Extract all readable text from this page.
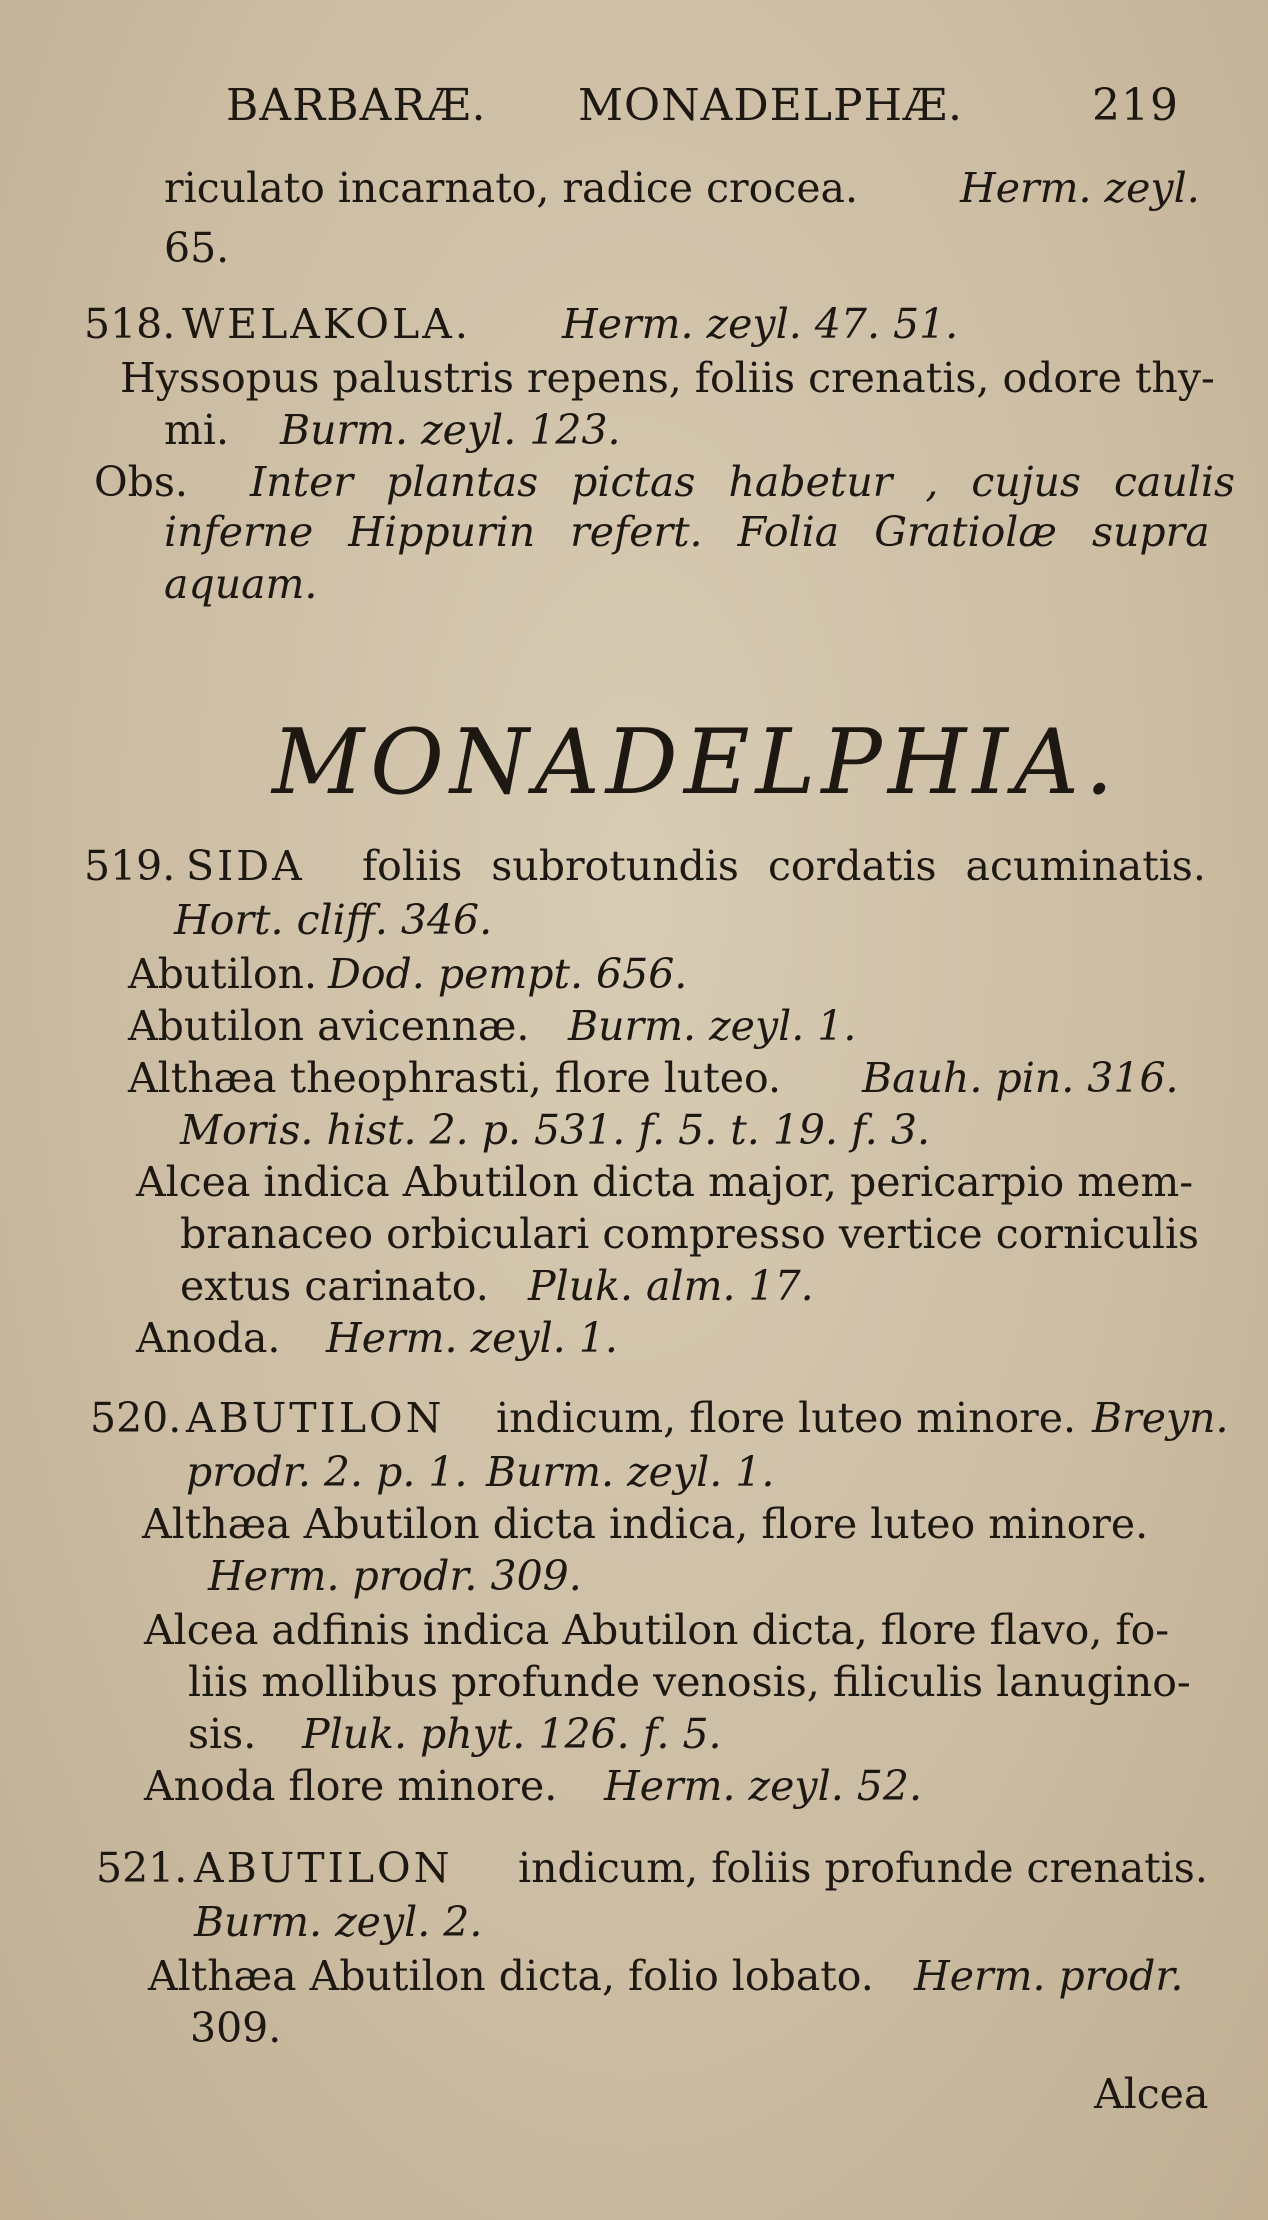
BARBARÆ. MONADELPHÆ.	219
riculato incarnato, radice crocea. Herm. zeyl.
65.
518. WELAKOLA. Herm. zeyl. 47. 51.
Hyssopus palustris repens, foliis crenatis, odore thy-
mi. Burm. zeyl. 123.
Obs. Inter plantas pictas habetur , cujus caulis
inferne Hippurin refert. Folia Gratiolæ supra
aquam.
MONADELPHIA.
519. SIDA foliis subrotundis cordatis acuminatis.
Hort. cliff. 346.
Abutilon. Dod. pempt. 656.
Abutilon avicennæ. Burm. zeyl. 1.
Althæa theophrasti, flore luteo. Bauh. pin. 316.
Moris. hist. 2. p. 531. f. 5. t. 19. f. 3.
Alcea indica Abutilon dicta major, pericarpio mem-
branaceo orbiculari compresso vertice corniculis
extus carinato. Pluk. alm. 17.
Anoda. Herm. zeyl. 1.
520. ABUTILON indicum, flore luteo minore. Breyn.
prodr. 2. p. 1. Burm. zeyl. 1.
Althæa Abutilon dicta indica, flore luteo minore.
Herm. prodr. 309.
Alcea adfinis indica Abutilon dicta, flore flavo, fo-
liis mollibus profunde venosis, filiculis lanugino-
sis. Pluk. phyt. 126. f. 5.
Anoda flore minore. Herm. zeyl. 52.
521. ABUTILON indicum, foliis profunde crenatis.
Burm. zeyl. 2.
Althæa Abutilon dicta, folio lobato. Herm. prodr.
309.
Alcea
